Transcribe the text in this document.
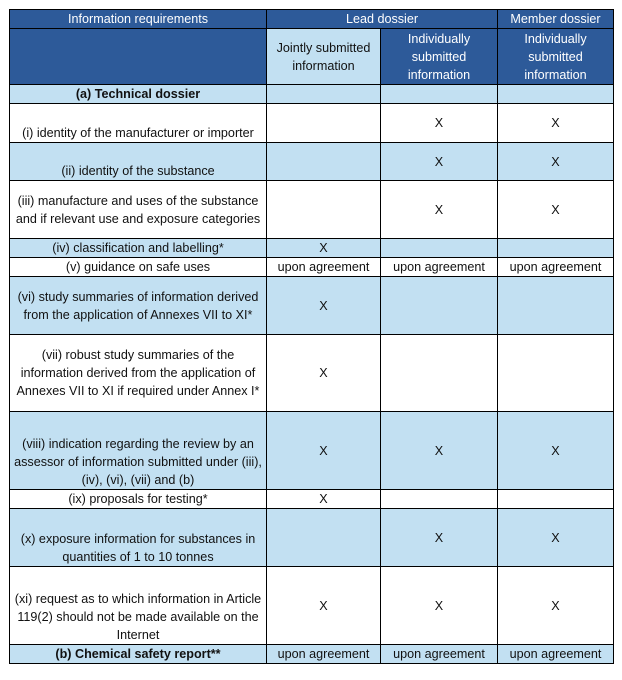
Information requirements	Lead dossier		Member dossier
	Jointly submitted information	Individually submitted information	Individually submitted information
(a) Technical dossier			
(i) identity of the manufacturer or importer		X	X
(ii) identity of the substance		X	X
(iii) manufacture and uses of the substance and if relevant use and exposure categories		X	X
(iv) classification and labelling*	X		
(v) guidance on safe uses	upon agreement	upon agreement	upon agreement
(vi) study summaries of information derived from the application of Annexes VII to XI*	X		
(vii) robust study summaries of the information derived from the application of Annexes VII to XI if required under Annex I*	X		
(viii) indication regarding the review by an assessor of information submitted under (iii), (iv), (vi), (vii) and (b)	X	X	X
(ix) proposals for testing*	X		
(x) exposure information for substances in quantities of 1 to 10 tonnes		X	X
(xi) request as to which information in Article 119(2) should not be made available on the Internet	X	X	X
(b) Chemical safety report**	upon agreement	upon agreement	upon agreement
